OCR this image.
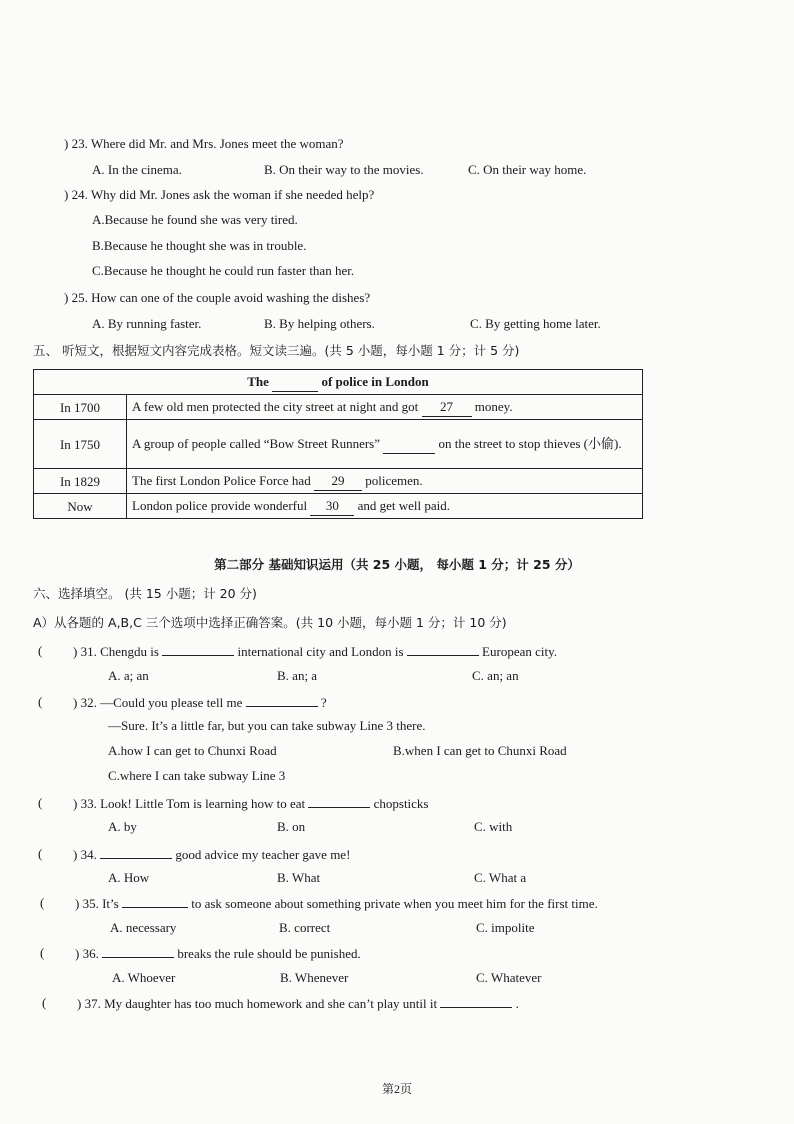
) 23. Where did Mr. and Mrs. Jones meet the woman?
A. In the cinema.	B. On their way to the movies.	C. On their way home.
) 24. Why did Mr. Jones ask the woman if she needed help?
A.Because he found she was very tired.
B.Because he thought she was in trouble.
C.Because he thought he could run faster than her.
) 25. How can one of the couple avoid washing the dishes?
A. By running faster.	B. By helping others.	C. By getting home later.
五、 听短文，根据短文内容完成表格。短文读三遍。(共 5 小题，每小题 1 分；计 5 分)
The of police in London	
In 1700	A few old men protected the city street at night and got 27 money.
In 1750	A group of people called “Bow Street Runners” on the street to stop thieves (小偷).
In 1829	The first London Police Force had 29 policemen.
Now	London police provide wonderful 30 and get well paid.
第二部分 基础知识运用（共 25 小题， 每小题 1 分；计 25 分）
六、选择填空。 (共 15 小题；计 20 分)
A）从各题的 A,B,C 三个选项中选择正确答案。(共 10 小题，每小题 1 分；计 10 分)
( ) 31. Chengdu is	international city and London is	European city.
A. a; an	B. an; a	C. an; an
( ) 32. —Could you please tell me	?
—Sure. It’s a little far, but you can take subway Line 3 there.
A.how I can get to Chunxi Road	B.when I can get to Chunxi Road
C.where I can take subway Line 3
( ) 33. Look! Little Tom is learning how to eat	chopsticks
A. by	B. on	C. with
( ) 34.	good advice my teacher gave me!
A. How	B. What	C. What a
( ) 35. It’s	to ask someone about something private when you meet him for the first time.
A. necessary	B. correct	C. impolite
( ) 36.	breaks the rule should be punished.
A. Whoever	B. Whenever	C. Whatever
( ) 37. My daughter has too much homework and she can’t play until it	.
第2页
